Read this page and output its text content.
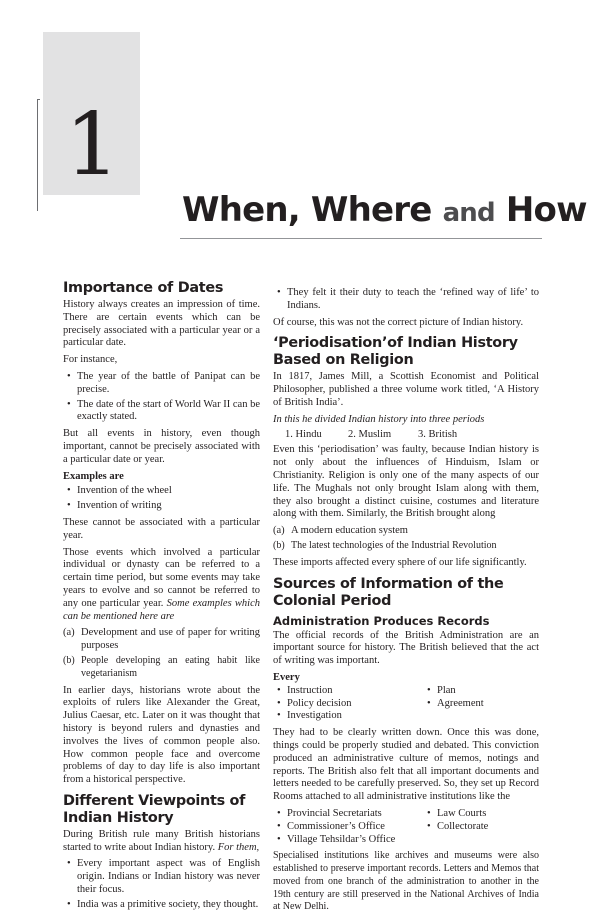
1
When, Where and How
Importance of Dates

History always creates an impression of time. There are certain events which can be precisely associated with a particular year or a particular date.

For instance,

• The year of the battle of Panipat can be precise.
• The date of the start of World War II can be exactly stated.

But all events in history, even though important, cannot be precisely associated with a particular date or year.

Examples are

• Invention of the wheel
• Invention of writing

These cannot be associated with a particular year.

Those events which involved a particular individual or dynasty can be referred to a certain time period, but some events may take years to evolve and so cannot be referred to any one particular year. Some examples which can be mentioned here are

(a) Development and use of paper for writing purposes
(b) People developing an eating habit like vegetarianism

In earlier days, historians wrote about the exploits of rulers like Alexander the Great, Julius Caesar, etc. Later on it was thought that history is beyond rulers and dynasties and involves the lives of common people also. How common people face and overcome problems of day to day life is also important from a historical perspective.

Different Viewpoints of Indian History

During British rule many British historians started to write about Indian history. For them,

• Every important aspect was of English origin. Indians or Indian history was never their focus.
• India was a primitive society, they thought.
• They felt it their duty to teach the ‘refined way of life’ to Indians.

Of course, this was not the correct picture of Indian history.

‘Periodisation’of Indian History Based on Religion

In 1817, James Mill, a Scottish Economist and Political Philosopher, published a three volume work titled, ‘A History of British India’.

In this he divided Indian history into three periods

1. Hindu	2. Muslim	3. British

Even this ‘periodisation’ was faulty, because Indian history is not only about the influences of Hinduism, Islam or Christianity. Religion is only one of the many aspects of our life. The Mughals not only brought Islam along with them, they also brought a distinct cuisine, costumes and literature along with them. Similarly, the British brought along

(a) A modern education system
(b) The latest technologies of the Industrial Revolution

These imports affected every sphere of our life significantly.

Sources of Information of the Colonial Period
Administration Produces Records

The official records of the British Administration are an important source for history. The British believed that the act of writing was important.

Every

• Instruction	• Plan
• Policy decision	• Agreement
• Investigation

They had to be clearly written down. Once this was done, things could be properly studied and debated. This conviction produced an administrative culture of memos, notings and reports. The British also felt that all important documents and letters needed to be carefully preserved. So, they set up Record Rooms attached to all administrative institutions like the

• Provincial Secretariats	• Law Courts
• Commissioner’s Office	• Collectorate
• Village Tehsildar’s Office

Specialised institutions like archives and museums were also established to preserve important records. Letters and Memos that moved from one branch of the administration to another in the 19th century are still preserved in the National Archives of India at New Delhi.
